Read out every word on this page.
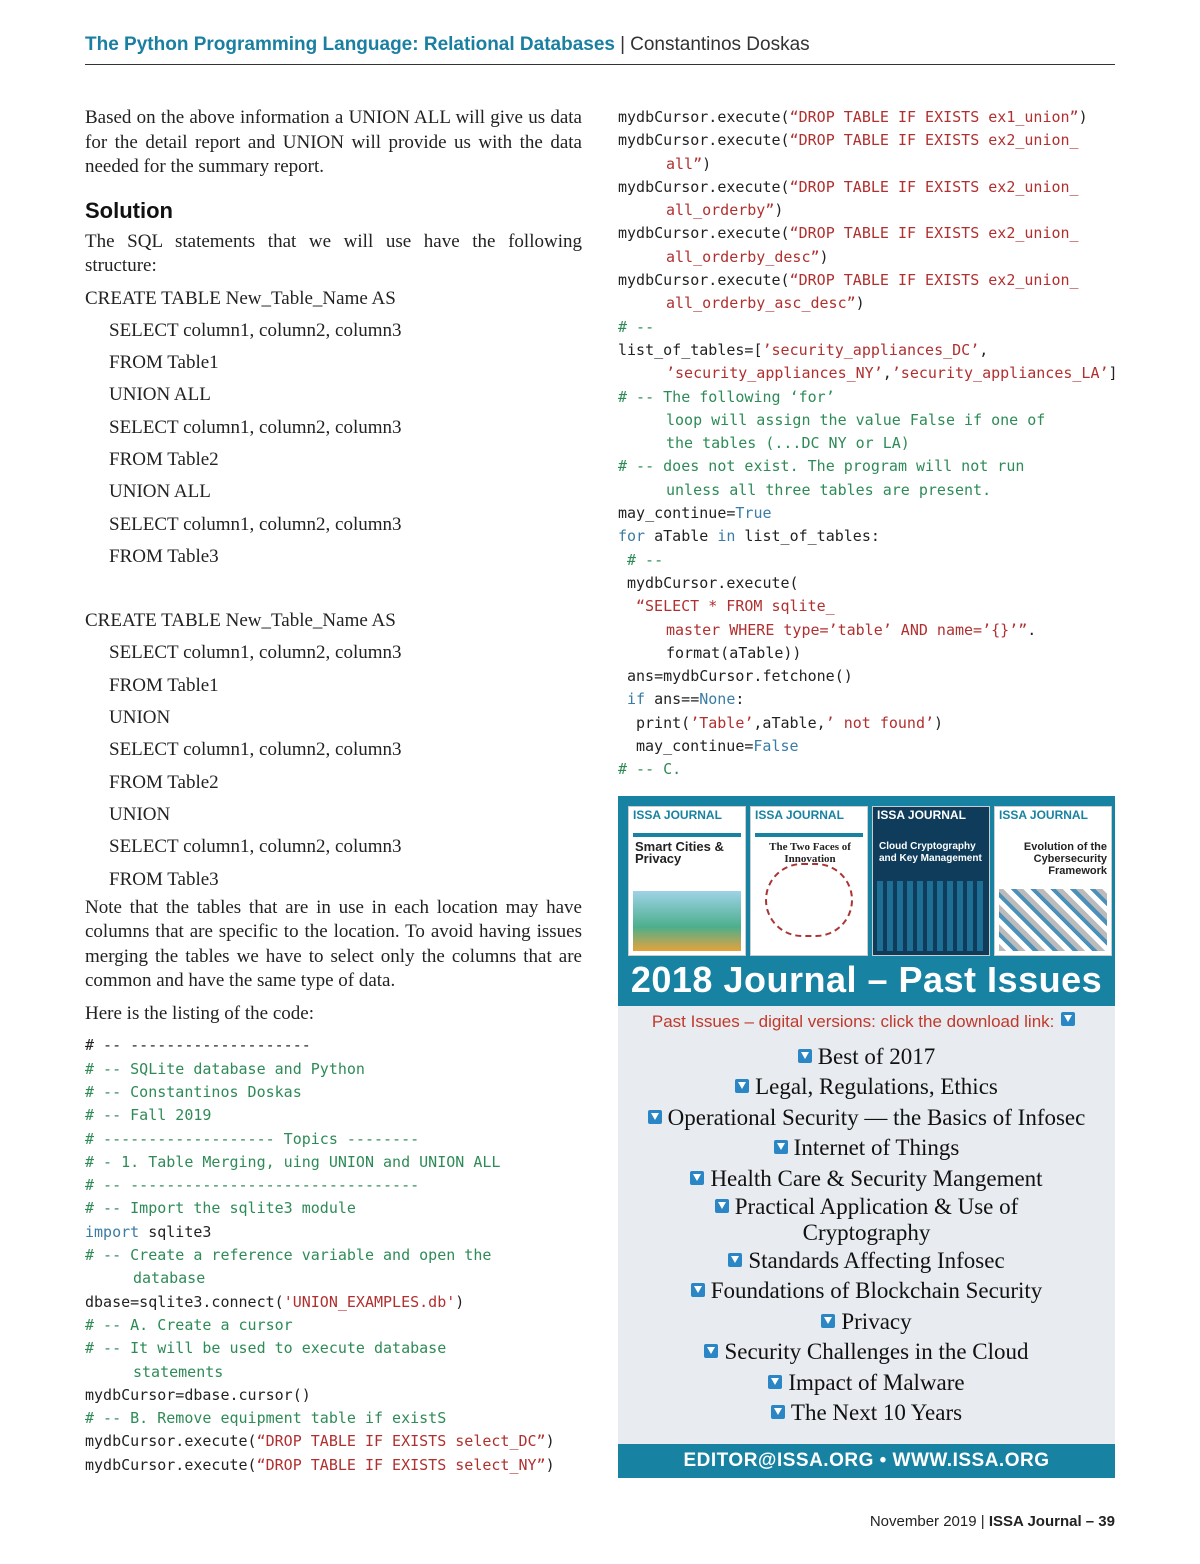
The Python Programming Language: Relational Databases | Constantinos Doskas

Based on the above information a UNION ALL will give us data for the detail report and UNION will provide us with the data needed for the summary report.

Solution

The SQL statements that we will use have the following structure:

CREATE TABLE New_Table_Name AS
SELECT column1, column2, column3
FROM Table1
UNION ALL
SELECT column1, column2, column3
FROM Table2
UNION ALL
SELECT column1, column2, column3
FROM Table3
CREATE TABLE New_Table_Name AS
SELECT column1, column2, column3
FROM Table1
UNION
SELECT column1, column2, column3
FROM Table2
UNION
SELECT column1, column2, column3
FROM Table3

Note that the tables that are in use in each location may have columns that are specific to the location. To avoid having issues merging the tables we have to select only the columns that are common and have the same type of data.

Here is the listing of the code:

# -- --------------------
# -- SQLite database and Python
# -- Constantinos Doskas
# -- Fall 2019
# ------------------- Topics --------
# - 1. Table Merging, uing UNION and UNION ALL
# -- --------------------------------
# -- Import the sqlite3 module
import sqlite3
# -- Create a reference variable and open the
database
dbase=sqlite3.connect('UNION_EXAMPLES.db')
# -- A. Create a cursor
# -- It will be used to execute database
statements
mydbCursor=dbase.cursor()
# -- B. Remove equipment table if existS
mydbCursor.execute(“DROP TABLE IF EXISTS select_DC”)
mydbCursor.execute(“DROP TABLE IF EXISTS select_NY”)
mydbCursor.execute(“DROP TABLE IF EXISTS ex1_union”)
mydbCursor.execute(“DROP TABLE IF EXISTS ex2_union_
all”)
mydbCursor.execute(“DROP TABLE IF EXISTS ex2_union_
all_orderby”)
mydbCursor.execute(“DROP TABLE IF EXISTS ex2_union_
all_orderby_desc”)
mydbCursor.execute(“DROP TABLE IF EXISTS ex2_union_
all_orderby_asc_desc”)
# --
list_of_tables=[’security_appliances_DC’,
’security_appliances_NY’,’security_appliances_LA’]
# -- The following ‘for’
loop will assign the value False if one of
the tables (...DC NY or LA)
# -- does not exist. The program will not run
unless all three tables are present.
may_continue=True
for aTable in list_of_tables:
# --
mydbCursor.execute(
“SELECT * FROM sqlite_
master WHERE type=’table’ AND name=’{}’”.
format(aTable))
ans=mydbCursor.fetchone()
if ans==None:
print(’Table’,aTable,’ not found’)
may_continue=False
# -- C.
ISSA JOURNAL
Smart Cities & Privacy
ISSA JOURNAL
The Two Faces of Innovation
ISSA JOURNAL
Cloud Cryptography and Key Management
ISSA JOURNAL
Evolution of the Cybersecurity Framework
2018 Journal – Past Issues
Past Issues – digital versions: click the download link:
Best of 2017
Legal, Regulations, Ethics
Operational Security — the Basics of Infosec
Internet of Things
Health Care & Security Mangement
Practical Application & Use of Cryptography
Standards Affecting Infosec
Foundations of Blockchain Security
Privacy
Security Challenges in the Cloud
Impact of Malware
The Next 10 Years
EDITOR@ISSA.ORG • WWW.ISSA.ORG
November 2019 | ISSA Journal – 39
